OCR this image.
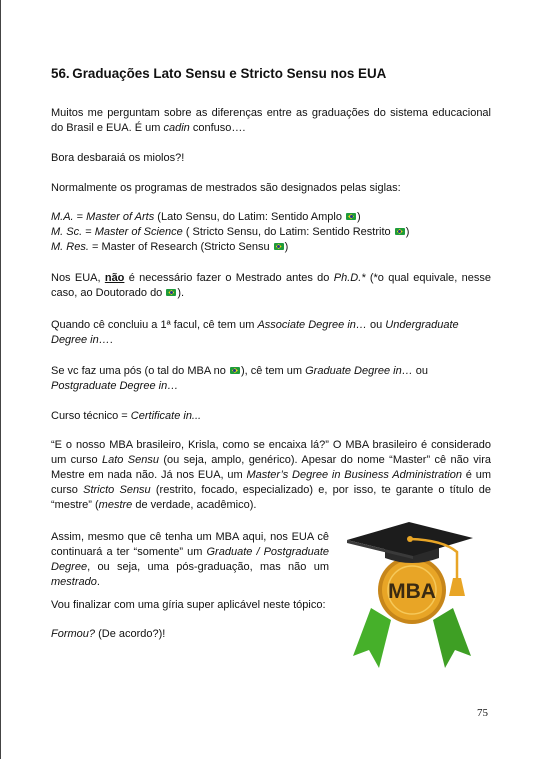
56. Graduações Lato Sensu e Stricto Sensu nos EUA

Muitos me perguntam sobre as diferenças entre as graduações do sistema educacional do Brasil e EUA. É um cadin confuso….

Bora desbaraiá os miolos?!

Normalmente os programas de mestrados são designados pelas siglas:

M.A. = Master of Arts (Lato Sensu, do Latim: Sentido Amplo )
M. Sc. = Master of Science ( Stricto Sensu, do Latim: Sentido Restrito )
M. Res. = Master of Research (Stricto Sensu )

Nos EUA, não é necessário fazer o Mestrado antes do Ph.D.* (*o qual equivale, nesse caso, ao Doutorado do ).

Quando cê concluiu a 1ª facul, cê tem um Associate Degree in… ou Undergraduate Degree in….

Se vc faz uma pós (o tal do MBA no ), cê tem um Graduate Degree in… ou Postgraduate Degree in…

Curso técnico = Certificate in...

“E o nosso MBA brasileiro, Krisla, como se encaixa lá?” O MBA brasileiro é considerado um curso Lato Sensu (ou seja, amplo, genérico). Apesar do nome “Master” cê não vira Mestre em nada não. Já nos EUA, um Master’s Degree in Business Administration é um curso Stricto Sensu (restrito, focado, especializado) e, por isso, te garante o título de “mestre” (mestre de verdade, acadêmico).

Assim, mesmo que cê tenha um MBA aqui, nos EUA cê continuará a ter “somente” um Graduate / Postgraduate Degree, ou seja, uma pós-graduação, mas não um mestrado.

Vou finalizar com uma gíria super aplicável neste tópico:

Formou? (De acordo?)!

MBA
75
